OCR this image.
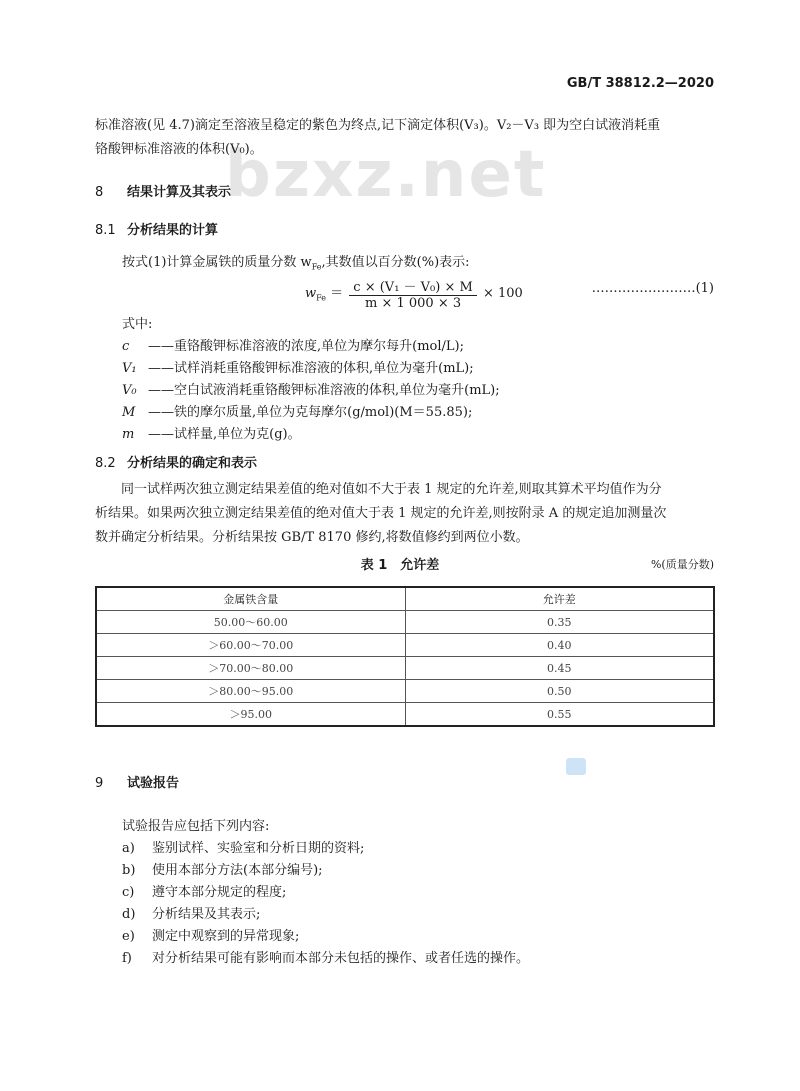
GB/T 38812.2—2020
bzxz.net

标准溶液(见 4.7)滴定至溶液呈稳定的紫色为终点,记下滴定体积(V₃)。V₂－V₃ 即为空白试液消耗重

铬酸钾标准溶液的体积(V₀)。

8 结果计算及其表示
8.1 分析结果的计算
按式(1)计算金属铁的质量分数 $w_{Fe}$,其数值以百分数(%)表示:
$w_{Fe} = \frac{\text{c × (V₁ － V₀) × M}}{m \times 1 000 \times 3} \times 100$	……………………(1)
式中:
c ——重铬酸钾标准溶液的浓度,单位为摩尔每升(mol/L);
V₁ ——试样消耗重铬酸钾标准溶液的体积,单位为毫升(mL);
V₀ ——空白试液消耗重铬酸钾标准溶液的体积,单位为毫升(mL);
M ——铁的摩尔质量,单位为克每摩尔(g/mol)(M＝55.85);
m ——试样量,单位为克(g)。
8.2 分析结果的确定和表示

同一试样两次独立测定结果差值的绝对值如不大于表 1 规定的允许差,则取其算术平均值作为分

析结果。如果两次独立测定结果差值的绝对值大于表 1 规定的允许差,则按附录 A 的规定追加测量次

数并确定分析结果。分析结果按 GB/T 8170 修约,将数值修约到两位小数。

表 1　允许差	%(质量分数)
金属铁含量	允许差
50.00～60.00	0.35
＞60.00～70.00	0.40
＞70.00～80.00	0.45
＞80.00～95.00	0.50
＞95.00	0.55
9 试验报告
试验报告应包括下列内容:
a) 鉴别试样、实验室和分析日期的资料;
b) 使用本部分方法(本部分编号);
c) 遵守本部分规定的程度;
d) 分析结果及其表示;
e) 测定中观察到的异常现象;
f) 对分析结果可能有影响而本部分未包括的操作、或者任选的操作。
